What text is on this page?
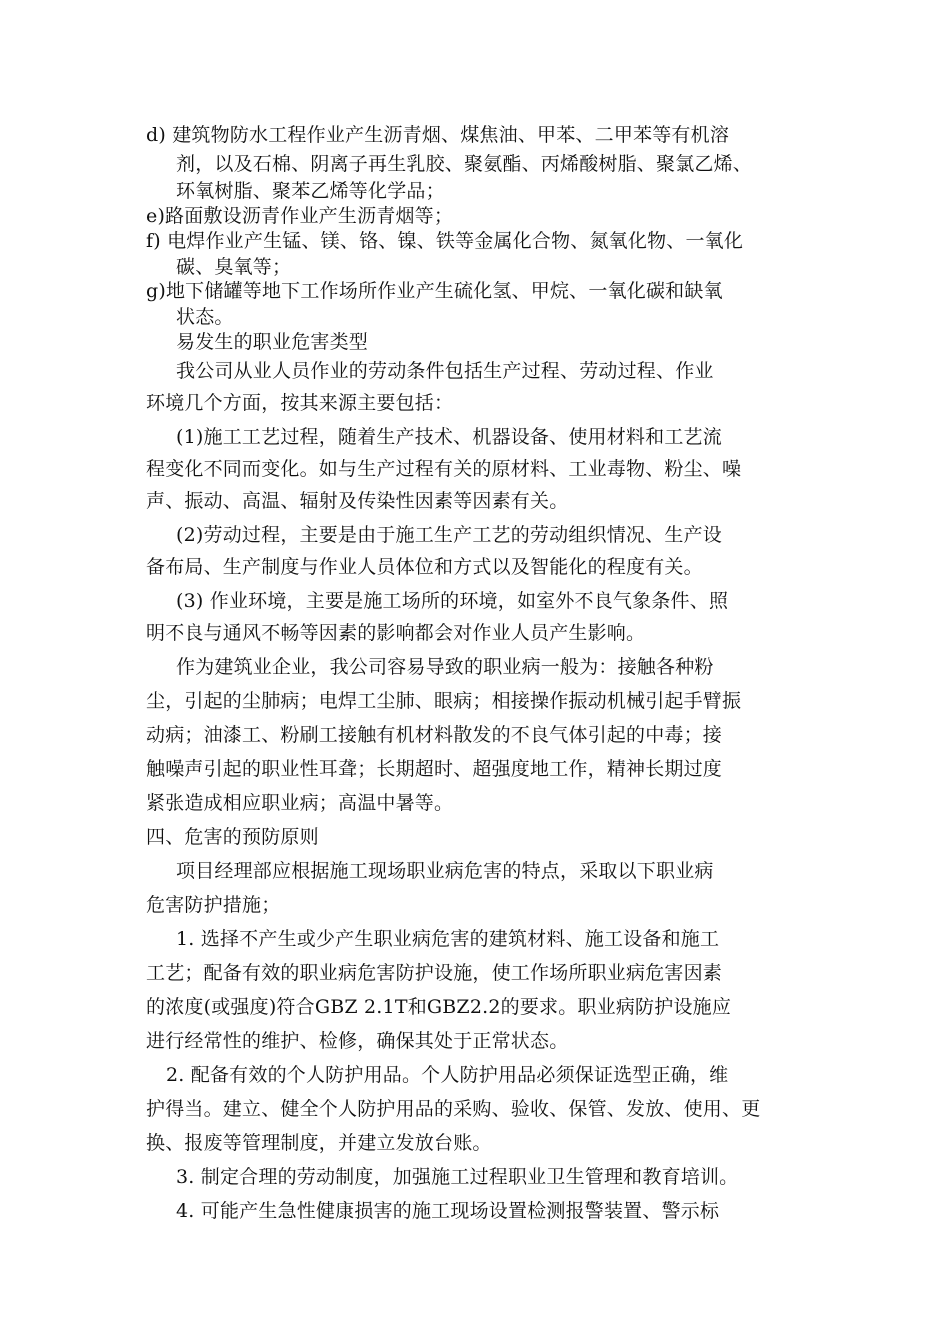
d) 建筑物防水工程作业产生沥青烟、煤焦油、甲苯、二甲苯等有机溶
剂，以及石棉、阴离子再生乳胶、聚氨酯、丙烯酸树脂、聚氯乙烯、
环氧树脂、聚苯乙烯等化学品；
e)路面敷设沥青作业产生沥青烟等；
f) 电焊作业产生锰、镁、铬、镍、铁等金属化合物、氮氧化物、一氧化
碳、臭氧等；
g)地下储罐等地下工作场所作业产生硫化氢、甲烷、一氧化碳和缺氧
状态。
易发生的职业危害类型
我公司从业人员作业的劳动条件包括生产过程、劳动过程、作业
环境几个方面，按其来源主要包括：
(1)施工工艺过程，随着生产技术、机器设备、使用材料和工艺流
程变化不同而变化。如与生产过程有关的原材料、工业毒物、粉尘、噪
声、振动、高温、辐射及传染性因素等因素有关。
(2)劳动过程，主要是由于施工生产工艺的劳动组织情况、生产设
备布局、生产制度与作业人员体位和方式以及智能化的程度有关。
(3) 作业环境，主要是施工场所的环境，如室外不良气象条件、照
明不良与通风不畅等因素的影响都会对作业人员产生影响。
作为建筑业企业，我公司容易导致的职业病一般为：接触各种粉
尘，引起的尘肺病；电焊工尘肺、眼病；相接操作振动机械引起手臂振
动病；油漆工、粉刷工接触有机材料散发的不良气体引起的中毒；接
触噪声引起的职业性耳聋；长期超时、超强度地工作，精神长期过度
紧张造成相应职业病；高温中暑等。
四、危害的预防原则
项目经理部应根据施工现场职业病危害的特点，采取以下职业病
危害防护措施；
1. 选择不产生或少产生职业病危害的建筑材料、施工设备和施工
工艺；配备有效的职业病危害防护设施，使工作场所职业病危害因素
的浓度(或强度)符合GBZ 2.1T和GBZ2.2的要求。职业病防护设施应
进行经常性的维护、检修，确保其处于正常状态。
2. 配备有效的个人防护用品。个人防护用品必须保证选型正确，维
护得当。建立、健全个人防护用品的采购、验收、保管、发放、使用、更
换、报废等管理制度，并建立发放台账。
3. 制定合理的劳动制度，加强施工过程职业卫生管理和教育培训。
4. 可能产生急性健康损害的施工现场设置检测报警装置、警示标
